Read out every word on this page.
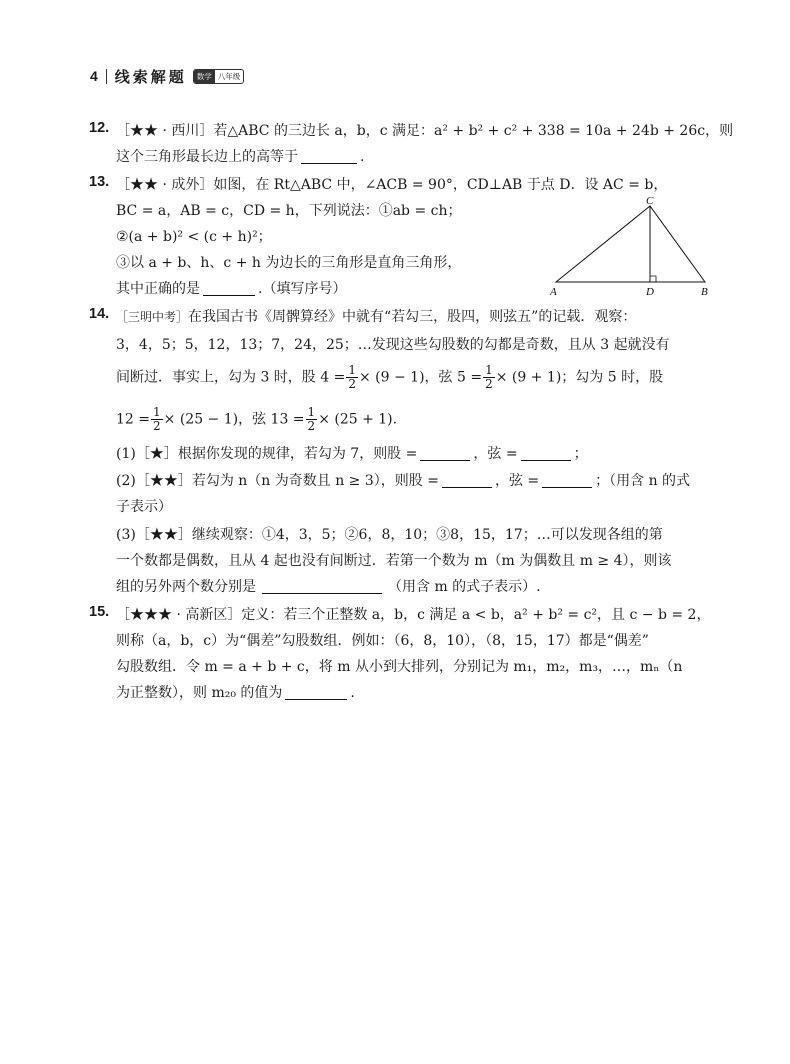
4 线索解题	数学 八年级
12. ［★★ · 西川］若△ABC 的三边长 a，b，c 满足：a² + b² + c² + 338 = 10a + 24b + 26c，则
这个三角形最长边上的高等于	.
13. ［★★ · 成外］如图，在 Rt△ABC 中，∠ACB = 90°，CD⊥AB 于点 D．设 AC = b，
BC = a，AB = c，CD = h，下列说法：①ab = ch；
②(a + b)² < (c + h)²；
③以 a + b、h、c + h 为边长的三角形是直角三角形，
其中正确的是	.（填写序号）
14. ［三明中考］在我国古书《周髀算经》中就有“若勾三，股四，则弦五”的记载．观察：
3，4，5；5，12，13；7，24，25；…发现这些勾股数的勾都是奇数，且从 3 起就没有
间断过．事实上，勾为 3 时，股 $4 = \frac{1}{2} \times (9 - 1)$，弦 $5 = \frac{1}{2} \times (9 + 1)$；勾为 5 时，股
$12 = \frac{1}{2} \times (25 - 1)$，弦 $13 = \frac{1}{2} \times (25 + 1)$.
(1)［★］根据你发现的规律，若勾为 7，则股 =	，弦 =	；
(2)［★★］若勾为 n（n 为奇数且 n ≥ 3），则股 =	，弦 =	；（用含 n 的式
子表示）
(3)［★★］继续观察：①4，3，5；②6，8，10；③8，15，17；…可以发现各组的第
一个数都是偶数，且从 4 起也没有间断过．若第一个数为 m（m 为偶数且 m ≥ 4），则该
组的另外两个数分别是	（用含 m 的式子表示）.
15. ［★★★ · 高新区］定义：若三个正整数 a，b，c 满足 a < b，a² + b² = c²，且 c − b = 2，
则称（a，b，c）为“偶差”勾股数组．例如：（6，8，10），（8，15，17）都是“偶差”
勾股数组．令 m = a + b + c，将 m 从小到大排列，分别记为 m₁，m₂，m₃，…，mₙ（n
为正整数），则 m₂₀ 的值为	.
C
A	D	B
